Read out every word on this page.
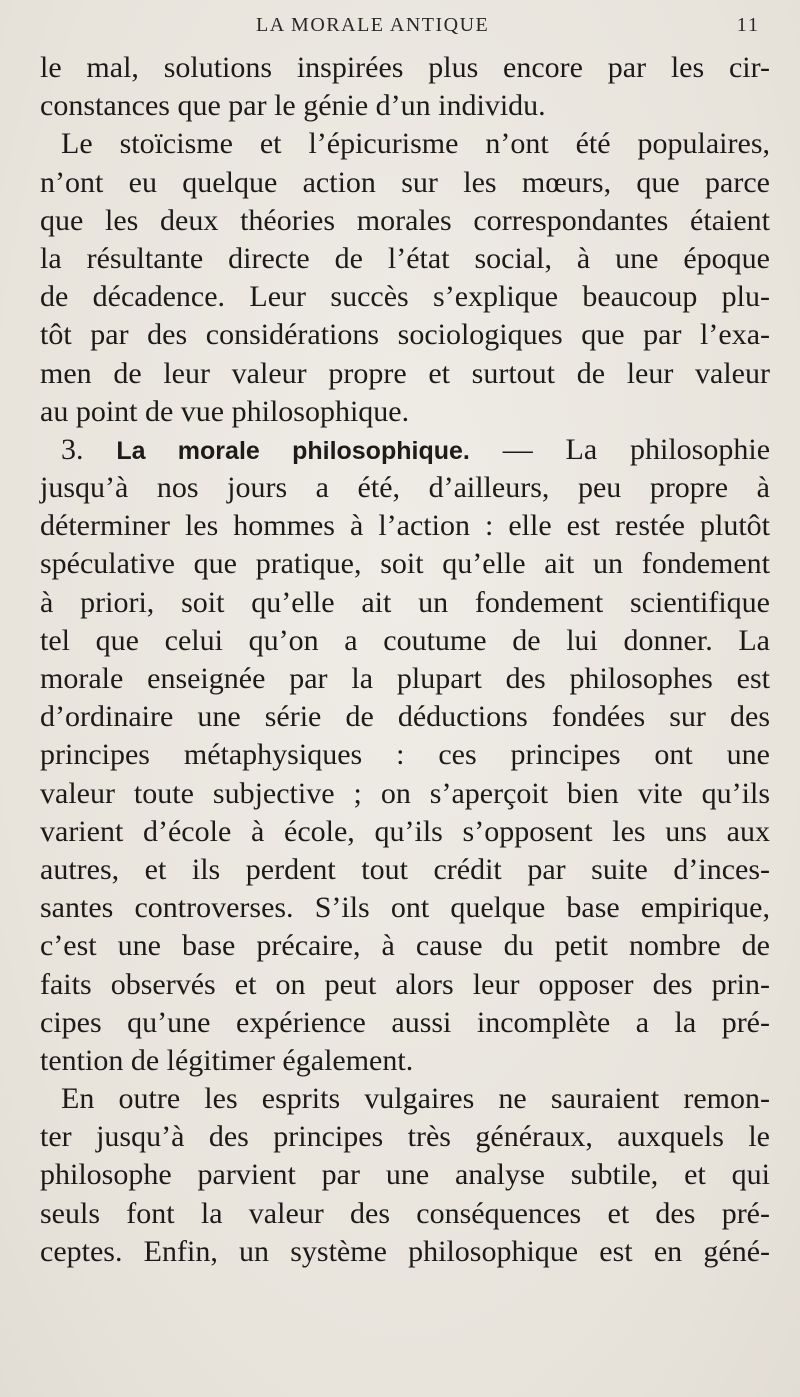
LA MORALE ANTIQUE	11
le mal, solutions inspirées plus encore par les cir-
constances que par le génie d’un individu.
Le stoïcisme et l’épicurisme n’ont été populaires,
n’ont eu quelque action sur les mœurs, que parce
que les deux théories morales correspondantes étaient
la résultante directe de l’état social, à une époque
de décadence. Leur succès s’explique beaucoup plu-
tôt par des considérations sociologiques que par l’exa-
men de leur valeur propre et surtout de leur valeur
au point de vue philosophique.
3. La morale philosophique. — La philosophie
jusqu’à nos jours a été, d’ailleurs, peu propre à
déterminer les hommes à l’action : elle est restée plutôt
spéculative que pratique, soit qu’elle ait un fondement
à priori, soit qu’elle ait un fondement scientifique
tel que celui qu’on a coutume de lui donner. La
morale enseignée par la plupart des philosophes est
d’ordinaire une série de déductions fondées sur des
principes métaphysiques : ces principes ont une
valeur toute subjective ; on s’aperçoit bien vite qu’ils
varient d’école à école, qu’ils s’opposent les uns aux
autres, et ils perdent tout crédit par suite d’inces-
santes controverses. S’ils ont quelque base empirique,
c’est une base précaire, à cause du petit nombre de
faits observés et on peut alors leur opposer des prin-
cipes qu’une expérience aussi incomplète a la pré-
tention de légitimer également.
En outre les esprits vulgaires ne sauraient remon-
ter jusqu’à des principes très généraux, auxquels le
philosophe parvient par une analyse subtile, et qui
seuls font la valeur des conséquences et des pré-
ceptes. Enfin, un système philosophique est en géné-
